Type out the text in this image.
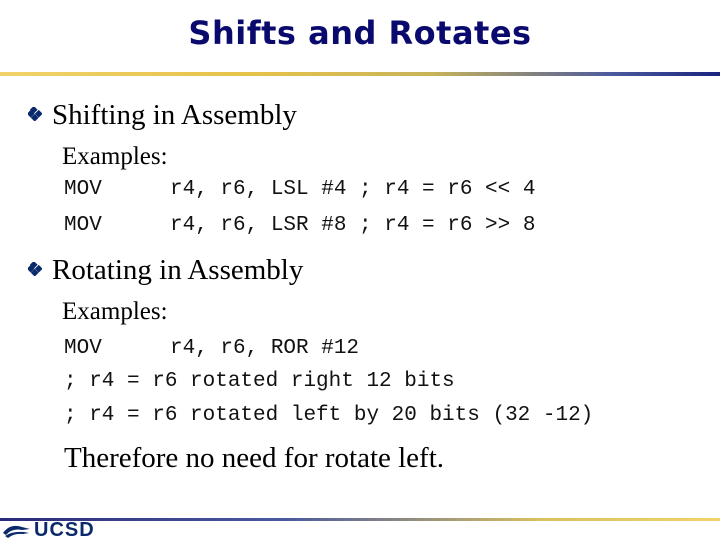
Shifts and Rotates
Shifting in Assembly
Examples:
MOV	r4, r6, LSL #4 ; r4 = r6 << 4
MOV	r4, r6, LSR #8 ; r4 = r6 >> 8
Rotating in Assembly
Examples:
MOV	r4, r6, ROR #12
; r4 = r6 rotated right 12 bits
; r4 = r6 rotated left by 20 bits (32 -12)
Therefore no need for rotate left.
UCSD
